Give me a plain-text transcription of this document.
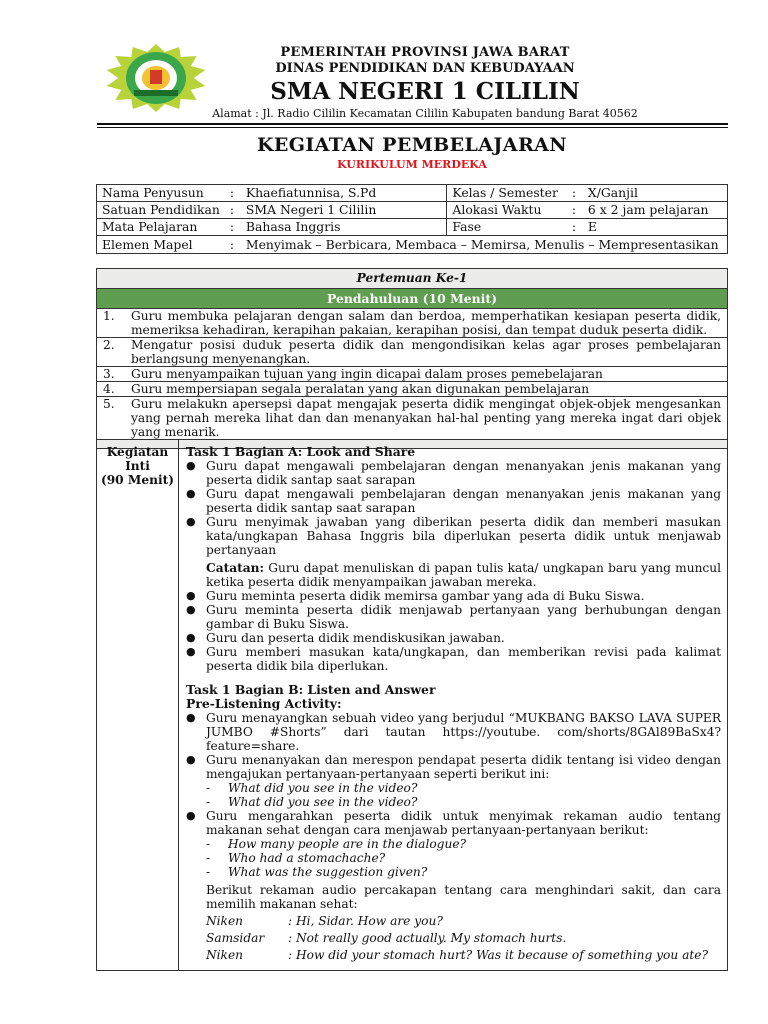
PEMERINTAH PROVINSI JAWA BARAT
DINAS PENDIDIKAN DAN KEBUDAYAAN
SMA NEGERI 1 CILILIN
Alamat : Jl. Radio Cililin Kecamatan Cililin Kabupaten bandung Barat 40562
KEGIATAN PEMBELAJARAN
KURIKULUM MERDEKA
Nama Penyusun	:	Khaefiatunnisa, S.Pd	Kelas / Semester	:	X/Ganjil
Satuan Pendidikan	:	SMA Negeri 1 Cililin	Alokasi Waktu	:	6 x 2 jam pelajaran
Mata Pelajaran	:	Bahasa Inggris	Fase	:	E
Elemen Mapel	:	Menyimak – Berbicara, Membaca – Memirsa, Menulis – Mempresentasikan			
Pertemuan Ke-1
Pendahuluan (10 Menit)
1.	Guru membuka pelajaran dengan salam dan berdoa, memperhatikan kesiapan peserta didik, memeriksa kehadiran, kerapihan pakaian, kerapihan posisi, dan tempat duduk peserta didik.
2.	Mengatur posisi duduk peserta didik dan mengondisikan kelas agar proses pembelajaran berlangsung menyenangkan.
3.	Guru menyampaikan tujuan yang ingin dicapai dalam proses pemebelajaran
4.	Guru mempersiapan segala peralatan yang akan digunakan pembelajaran
5.	Guru melakukn apersepsi dapat mengajak peserta didik mengingat objek-objek mengesankan yang pernah mereka lihat dan dan menanyakan hal-hal penting yang mereka ingat dari objek yang menarik.
Kegiatan
Inti
(90 Menit)
Task 1 Bagian A: Look and Share
● Guru dapat mengawali pembelajaran dengan menanyakan jenis makanan yang peserta didik santap saat sarapan
● Guru dapat mengawali pembelajaran dengan menanyakan jenis makanan yang peserta didik santap saat sarapan
● Guru menyimak jawaban yang diberikan peserta didik dan memberi masukan kata/ungkapan Bahasa Inggris bila diperlukan peserta didik untuk menjawab pertanyaan
Catatan: Guru dapat menuliskan di papan tulis kata/ ungkapan baru yang muncul ketika peserta didik menyampaikan jawaban mereka.
● Guru meminta peserta didik memirsa gambar yang ada di Buku Siswa.
● Guru meminta peserta didik menjawab pertanyaan yang berhubungan dengan gambar di Buku Siswa.
● Guru dan peserta didik mendiskusikan jawaban.
● Guru memberi masukan kata/ungkapan, dan memberikan revisi pada kalimat peserta didik bila diperlukan.
Task 1 Bagian B: Listen and Answer
Pre-Listening Activity:
● Guru menayangkan sebuah video yang berjudul “MUKBANG BAKSO LAVA SUPER JUMBO #Shorts” dari tautan https://youtube. com/shorts/8GAl89BaSx4?feature=share.
● Guru menanyakan dan merespon pendapat peserta didik tentang isi video dengan mengajukan pertanyaan-pertanyaan seperti berikut ini:
-	What did you see in the video?
-	What did you see in the video?
● Guru mengarahkan peserta didik untuk menyimak rekaman audio tentang makanan sehat dengan cara menjawab pertanyaan-pertanyaan berikut:
-	How many people are in the dialogue?
-	Who had a stomachache?
-	What was the suggestion given?
Berikut rekaman audio percakapan tentang cara menghindari sakit, dan cara memilih makanan sehat:
Niken	: Hi, Sidar. How are you?
Samsidar	: Not really good actually. My stomach hurts.
Niken	: How did your stomach hurt? Was it because of something you ate?
